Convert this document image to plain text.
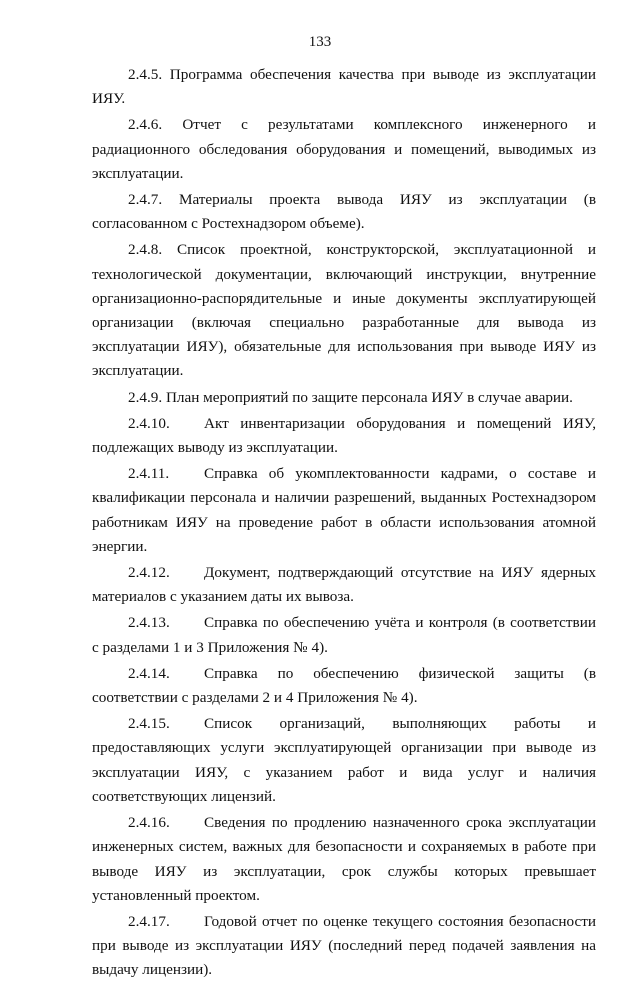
133

2.4.5. Программа обеспечения качества при выводе из эксплуатации ИЯУ.

2.4.6. Отчет с результатами комплексного инженерного и радиационного обследования оборудования и помещений, выводимых из эксплуатации.

2.4.7. Материалы проекта вывода ИЯУ из эксплуатации (в согласованном с Ростехнадзором объеме).

2.4.8. Список проектной, конструкторской, эксплуатационной и технологической документации, включающий инструкции, внутренние организационно-распорядительные и иные документы эксплуатирующей организации (включая специально разработанные для вывода из эксплуатации ИЯУ), обязательные для использования при выводе ИЯУ из эксплуатации.

2.4.9. План мероприятий по защите персонала ИЯУ в случае аварии.

2.4.10. Акт инвентаризации оборудования и помещений ИЯУ, подлежащих выводу из эксплуатации.

2.4.11. Справка об укомплектованности кадрами, о составе и квалификации персонала и наличии разрешений, выданных Ростехнадзором работникам ИЯУ на проведение работ в области использования атомной энергии.

2.4.12. Документ, подтверждающий отсутствие на ИЯУ ядерных материалов с указанием даты их вывоза.

2.4.13. Справка по обеспечению учёта и контроля (в соответствии с разделами 1 и 3 Приложения № 4).

2.4.14. Справка по обеспечению физической защиты (в соответствии с разделами 2 и 4 Приложения № 4).

2.4.15. Список организаций, выполняющих работы и предоставляющих услуги эксплуатирующей организации при выводе из эксплуатации ИЯУ, с указанием работ и вида услуг и наличия соответствующих лицензий.

2.4.16. Сведения по продлению назначенного срока эксплуатации инженерных систем, важных для безопасности и сохраняемых в работе при выводе ИЯУ из эксплуатации, срок службы которых превышает установленный проектом.

2.4.17. Годовой отчет по оценке текущего состояния безопасности при выводе из эксплуатации ИЯУ (последний перед подачей заявления на выдачу лицензии).
